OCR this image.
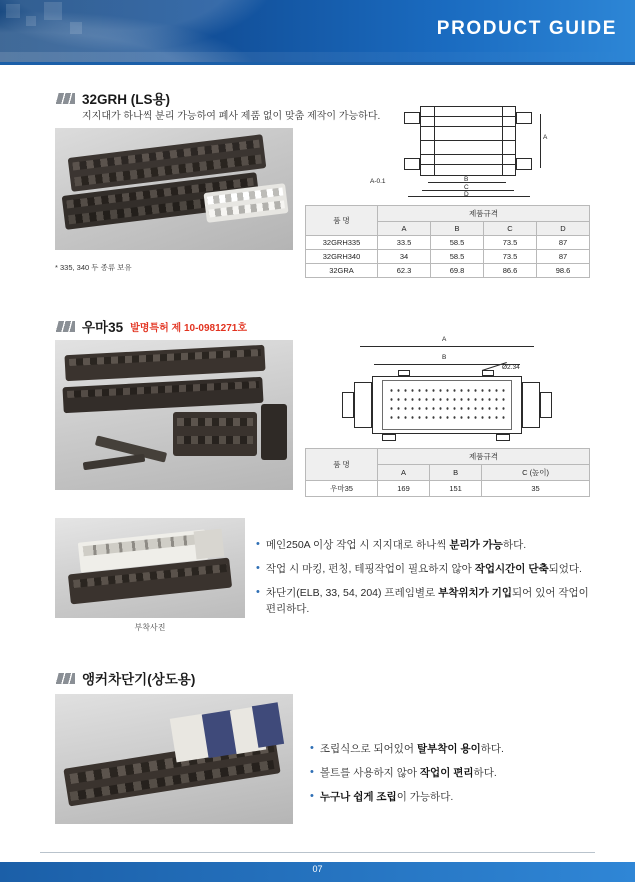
PRODUCT GUIDE
32GRH (LS용)
지지대가 하나씩 분리 가능하여 폐사 제품 없이 맞춤 제작이 가능하다.
* 335, 340 두 종류 보유
A
B
C
D
A-0.1
품 명	제품규격			
	A	B	C	D
32GRH335	33.5	58.5	73.5	87
32GRH340	34	58.5	73.5	87
32GRA	62.3	69.8	86.6	98.6
우마35 발명특허 제 10-0981271호
A
B
Ø2.34
품 명	제품규격		
	A	B	C (높이)
우마35	169	151	35
부착사진
• 메인250A 이상 작업 시 지지대로 하나씩 분리가 가능하다.
• 작업 시 마킹, 펀칭, 테핑작업이 필요하지 않아 작업시간이 단축되었다.
• 차단기(ELB, 33, 54, 204) 프레임별로 부착위치가 기입되어 있어 작업이 편리하다.
앵커차단기(상도용)
• 조립식으로 되어있어 탈부착이 용이하다.
• 볼트를 사용하지 않아 작업이 편리하다.
• 누구나 쉽게 조립이 가능하다.
07
